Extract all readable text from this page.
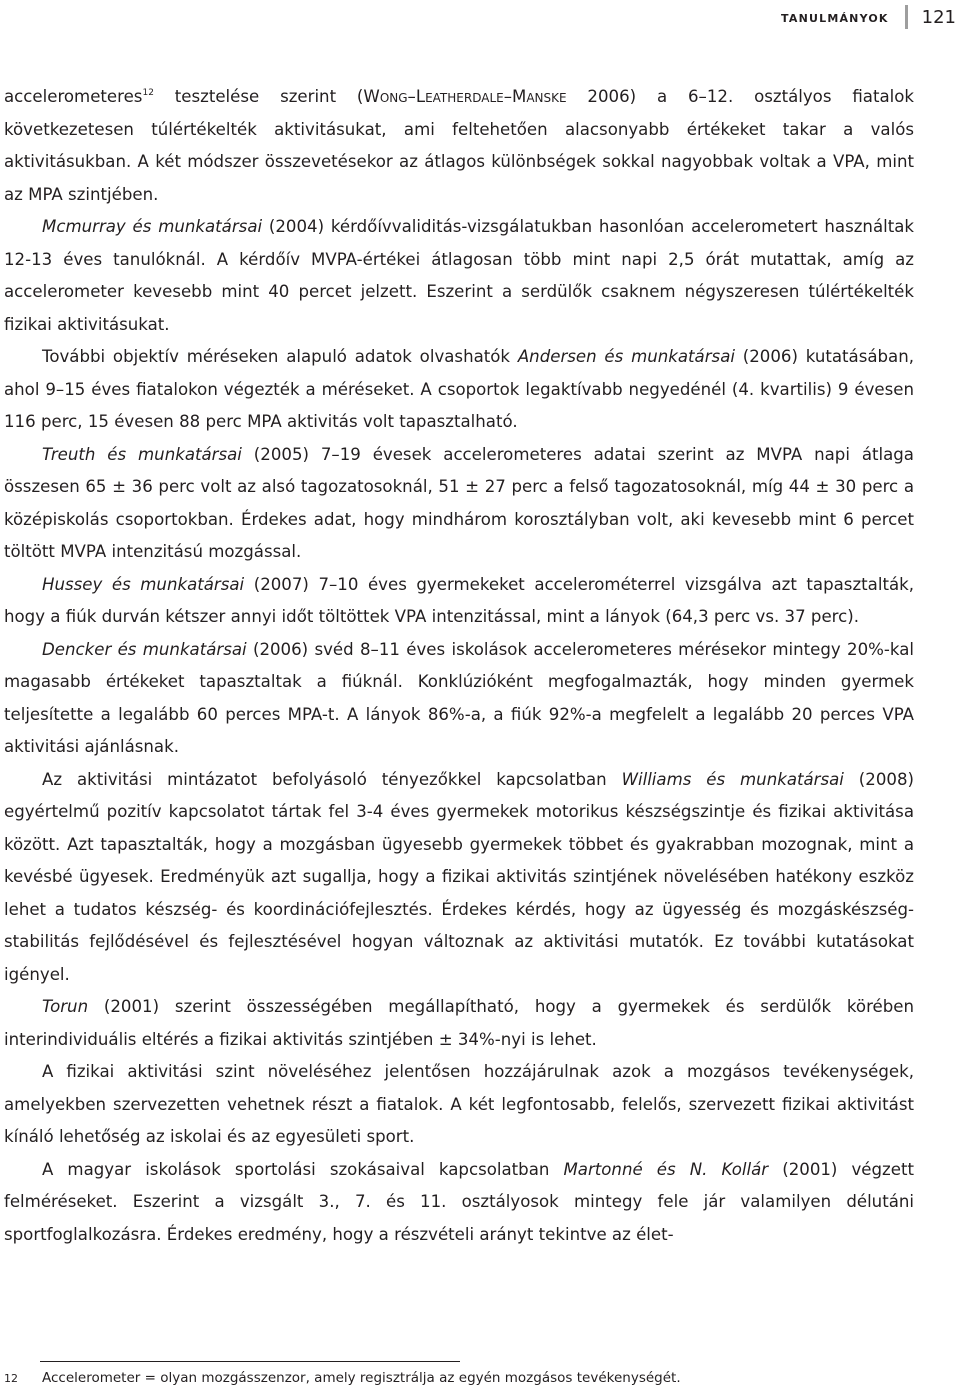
tanulmányok 121

accelerometeres$^{12}$ tesztelése szerint (Wong–Leatherdale–Manske 2006) a 6–12. osztályos fiatalok következetesen túlértékelték aktivitásukat, ami feltehetően alacsonyabb értékeket takar a valós aktivitásukban. A két módszer összevetésekor az átlagos különbségek sokkal nagyobbak voltak a VPA, mint az MPA szintjében.

Mcmurray és munkatársai (2004) kérdőívvaliditás-vizsgálatukban hasonlóan accelerometert használtak 12-13 éves tanulóknál. A kérdőív MVPA-értékei átlagosan több mint napi 2,5 órát mutattak, amíg az accelerometer kevesebb mint 40 percet jelzett. Eszerint a serdülők csaknem négyszeresen túlértékelték fizikai aktivitásukat.

További objektív méréseken alapuló adatok olvashatók Andersen és munkatársai (2006) kutatásában, ahol 9–15 éves fiatalokon végezték a méréseket. A csoportok legaktívabb negyedénél (4. kvartilis) 9 évesen 116 perc, 15 évesen 88 perc MPA aktivitás volt tapasztalható.

Treuth és munkatársai (2005) 7–19 évesek accelerometeres adatai szerint az MVPA napi átlaga összesen 65 ± 36 perc volt az alsó tagozatosoknál, 51 ± 27 perc a felső tagozatosoknál, míg 44 ± 30 perc a középiskolás csoportokban. Érdekes adat, hogy mindhárom korosztályban volt, aki kevesebb mint 6 percet töltött MVPA intenzitású mozgással.

Hussey és munkatársai (2007) 7–10 éves gyermekeket accelerométerrel vizsgálva azt tapasztalták, hogy a fiúk durván kétszer annyi időt töltöttek VPA intenzitással, mint a lányok (64,3 perc vs. 37 perc).

Dencker és munkatársai (2006) svéd 8–11 éves iskolások accelerometeres mérésekor mintegy 20%-kal magasabb értékeket tapasztaltak a fiúknál. Konklúzióként megfogalmazták, hogy minden gyermek teljesítette a legalább 60 perces MPA-t. A lányok 86%-a, a fiúk 92%-a megfelelt a legalább 20 perces VPA aktivitási ajánlásnak.

Az aktivitási mintázatot befolyásoló tényezőkkel kapcsolatban Williams és munkatársai (2008) egyértelmű pozitív kapcsolatot tártak fel 3-4 éves gyermekek motorikus készségszintje és fizikai aktivitása között. Azt tapasztalták, hogy a mozgásban ügyesebb gyermekek többet és gyakrabban mozognak, mint a kevésbé ügyesek. Eredményük azt sugallja, hogy a fizikai aktivitás szintjének növelésében hatékony eszköz lehet a tudatos készség- és koordinációfejlesztés. Érdekes kérdés, hogy az ügyesség és mozgáskészség-stabilitás fejlődésével és fejlesztésével hogyan változnak az aktivitási mutatók. Ez további kutatásokat igényel.

Torun (2001) szerint összességében megállapítható, hogy a gyermekek és serdülők körében interindividuális eltérés a fizikai aktivitás szintjében ± 34%-nyi is lehet.

A fizikai aktivitási szint növeléséhez jelentősen hozzájárulnak azok a mozgásos tevékenységek, amelyekben szervezetten vehetnek részt a fiatalok. A két legfontosabb, felelős, szervezett fizikai aktivitást kínáló lehetőség az iskolai és az egyesületi sport.

A magyar iskolások sportolási szokásaival kapcsolatban Martonné és N. Kollár (2001) végzett felméréseket. Eszerint a vizsgált 3., 7. és 11. osztályosok mintegy fele jár valamilyen délutáni sportfoglalkozásra. Érdekes eredmény, hogy a részvételi arányt tekintve az élet-

12 Accelerometer = olyan mozgásszenzor, amely regisztrálja az egyén mozgásos tevékenységét.
